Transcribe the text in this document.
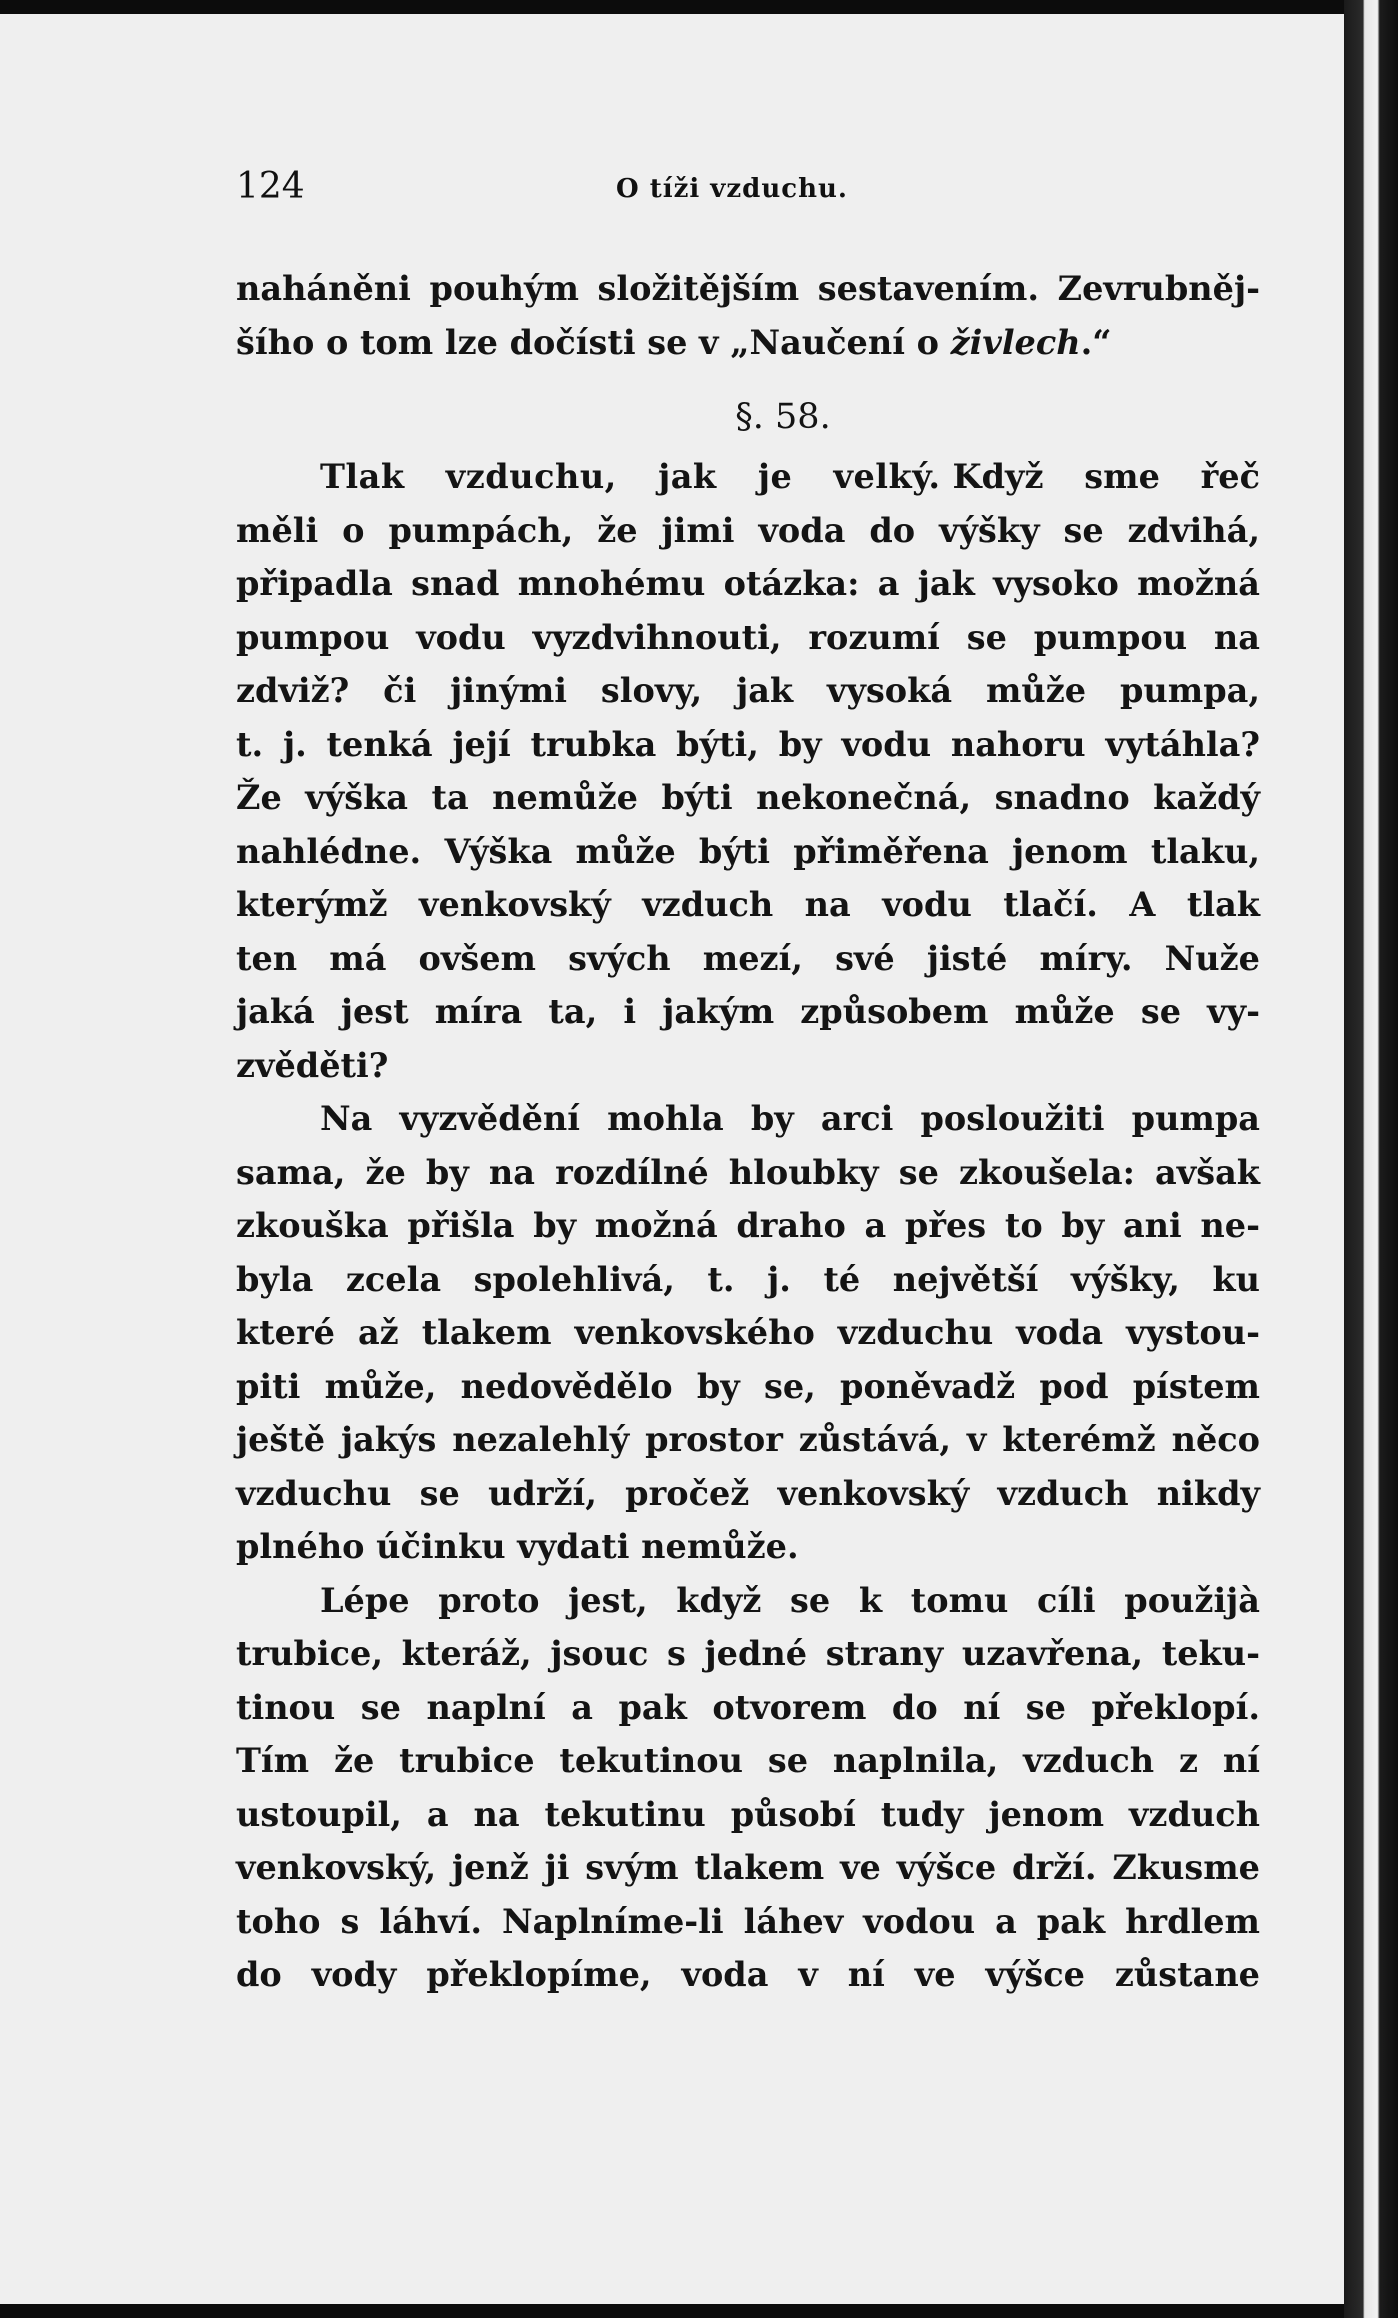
124	O tíži vzduchu.
naháněni pouhým složitějším sestavením. Zevrubněj-
šího o tom lze dočísti se v „Naučení o živlech.“
§. 58.
Tlak vzduchu, jak je velký. Když sme řeč
měli o pumpách, že jimi voda do výšky se zdvihá,
připadla snad mnohému otázka: a jak vysoko možná
pumpou vodu vyzdvihnouti, rozumí se pumpou na
zdviž? či jinými slovy, jak vysoká může pumpa,
t. j. tenká její trubka býti, by vodu nahoru vytáhla?
Že výška ta nemůže býti nekonečná, snadno každý
nahlédne. Výška může býti přiměřena jenom tlaku,
kterýmž venkovský vzduch na vodu tlačí. A tlak
ten má ovšem svých mezí, své jisté míry. Nuže
jaká jest míra ta, i jakým způsobem může se vy-
zvěděti?
Na vyzvědění mohla by arci posloužiti pumpa
sama, že by na rozdílné hloubky se zkoušela: avšak
zkouška přišla by možná draho a přes to by ani ne-
byla zcela spolehlivá, t. j. té největší výšky, ku
které až tlakem venkovského vzduchu voda vystou-
piti může, nedovědělo by se, poněvadž pod pístem
ještě jakýs nezalehlý prostor zůstává, v kterémž něco
vzduchu se udrží, pročež venkovský vzduch nikdy
plného účinku vydati nemůže.
Lépe proto jest, když se k tomu cíli použijà
trubice, kteráž, jsouc s jedné strany uzavřena, teku-
tinou se naplní a pak otvorem do ní se překlopí.
Tím že trubice tekutinou se naplnila, vzduch z ní
ustoupil, a na tekutinu působí tudy jenom vzduch
venkovský, jenž ji svým tlakem ve výšce drží. Zkusme
toho s láhví. Naplníme-li láhev vodou a pak hrdlem
do vody překlopíme, voda v ní ve výšce zůstane
